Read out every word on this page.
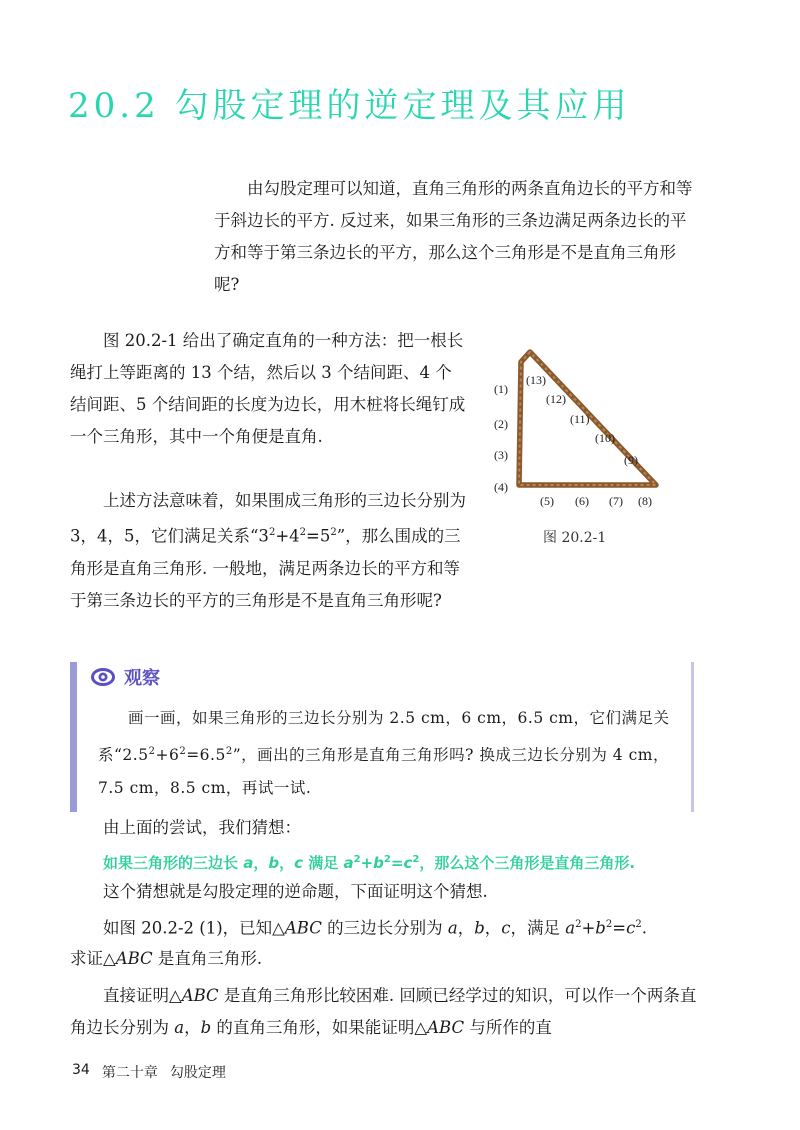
20.2 勾股定理的逆定理及其应用

由勾股定理可以知道，直角三角形的两条直角边长的平方和等于斜边长的平方. 反过来，如果三角形的三条边满足两条边长的平方和等于第三条边长的平方，那么这个三角形是不是直角三角形呢?

图 20.2-1 给出了确定直角的一种方法：把一根长绳打上等距离的 13 个结，然后以 3 个结间距、4 个结间距、5 个结间距的长度为边长，用木桩将长绳钉成一个三角形，其中一个角便是直角.

上述方法意味着，如果围成三角形的三边长分别为 3，4，5，它们满足关系“$3^2+4^2=5^2$”，那么围成的三角形是直角三角形. 一般地，满足两条边长的平方和等于第三条边长的平方的三角形是不是直角三角形呢?

(1)
(2)
(3)
(4)
(5) (6) (7) (8)
(9)
(10)
(11)
(12)
(13)
图 20.2-1
观察

画一画，如果三角形的三边长分别为 2.5 cm，6 cm，6.5 cm，它们满足关系“$2.5^2+6^2=6.5^2$”，画出的三角形是直角三角形吗? 换成三边长分别为 4 cm，7.5 cm，8.5 cm，再试一试.

由上面的尝试，我们猜想：

如果三角形的三边长 a，b，c 满足 $a^2+b^2=c^2$，那么这个三角形是直角三角形.

这个猜想就是勾股定理的逆命题，下面证明这个猜想.

如图 20.2-2 (1)，已知△ABC 的三边长分别为 a，b，c，满足 $a^2+b^2=c^2$.

求证△ABC 是直角三角形.

直接证明△ABC 是直角三角形比较困难. 回顾已经学过的知识，可以作一个两条直角边长分别为 a，b 的直角三角形，如果能证明△ABC 与所作的直

34 第二十章 勾股定理
